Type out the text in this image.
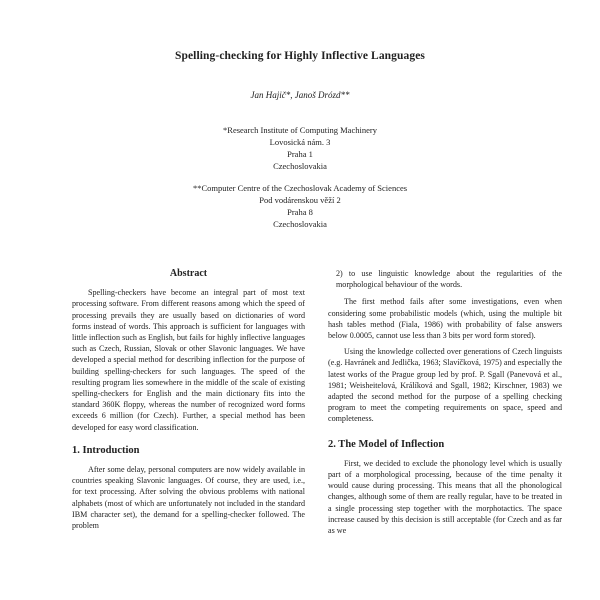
Spelling-checking for Highly Inflective Languages
Jan Hajič*, Janoš Drózd**
*Research Institute of Computing Machinery
Lovosická nám. 3
Praha 1
Czechoslovakia
**Computer Centre of the Czechoslovak Academy of Sciences
Pod vodárenskou věží 2
Praha 8
Czechoslovakia
Abstract

Spelling-checkers have become an integral part of most text processing software. From different reasons among which the speed of processing prevails they are usually based on dictionaries of word forms instead of words. This approach is sufficient for languages with little inflection such as English, but fails for highly inflective languages such as Czech, Russian, Slovak or other Slavonic languages. We have developed a special method for describing inflection for the purpose of building spelling-checkers for such languages. The speed of the resulting program lies somewhere in the middle of the scale of existing spelling-checkers for English and the main dictionary fits into the standard 360K floppy, whereas the number of recognized word forms exceeds 6 million (for Czech). Further, a special method has been developed for easy word classification.

1. Introduction

After some delay, personal computers are now widely available in countries speaking Slavonic languages. Of course, they are used, i.e., for text processing. After solving the obvious problems with national alphabets (most of which are unfortunately not included in the standard IBM character set), the demand for a spelling-checker followed. The problem

2) to use linguistic knowledge about the regularities of the morphological behaviour of the words.

The first method fails after some investigations, even when considering some probabilistic models (which, using the multiple bit hash tables method (Fiala, 1986) with probability of false answers below 0.0005, cannot use less than 3 bits per word form stored).

Using the knowledge collected over generations of Czech linguists (e.g. Havránek and Jedlička, 1963; Slavíčková, 1975) and especially the latest works of the Prague group led by prof. P. Sgall (Panevová et al., 1981; Weisheitelová, Králíková and Sgall, 1982; Kirschner, 1983) we adapted the second method for the purpose of a spelling checking program to meet the competing requirements on space, speed and completeness.

2. The Model of Inflection

First, we decided to exclude the phonology level which is usually part of a morphological processing, because of the time penalty it would cause during processing. This means that all the phonological changes, although some of them are really regular, have to be treated in a single processing step together with the morphotactics. The space increase caused by this decision is still acceptable (for Czech and as far as we
